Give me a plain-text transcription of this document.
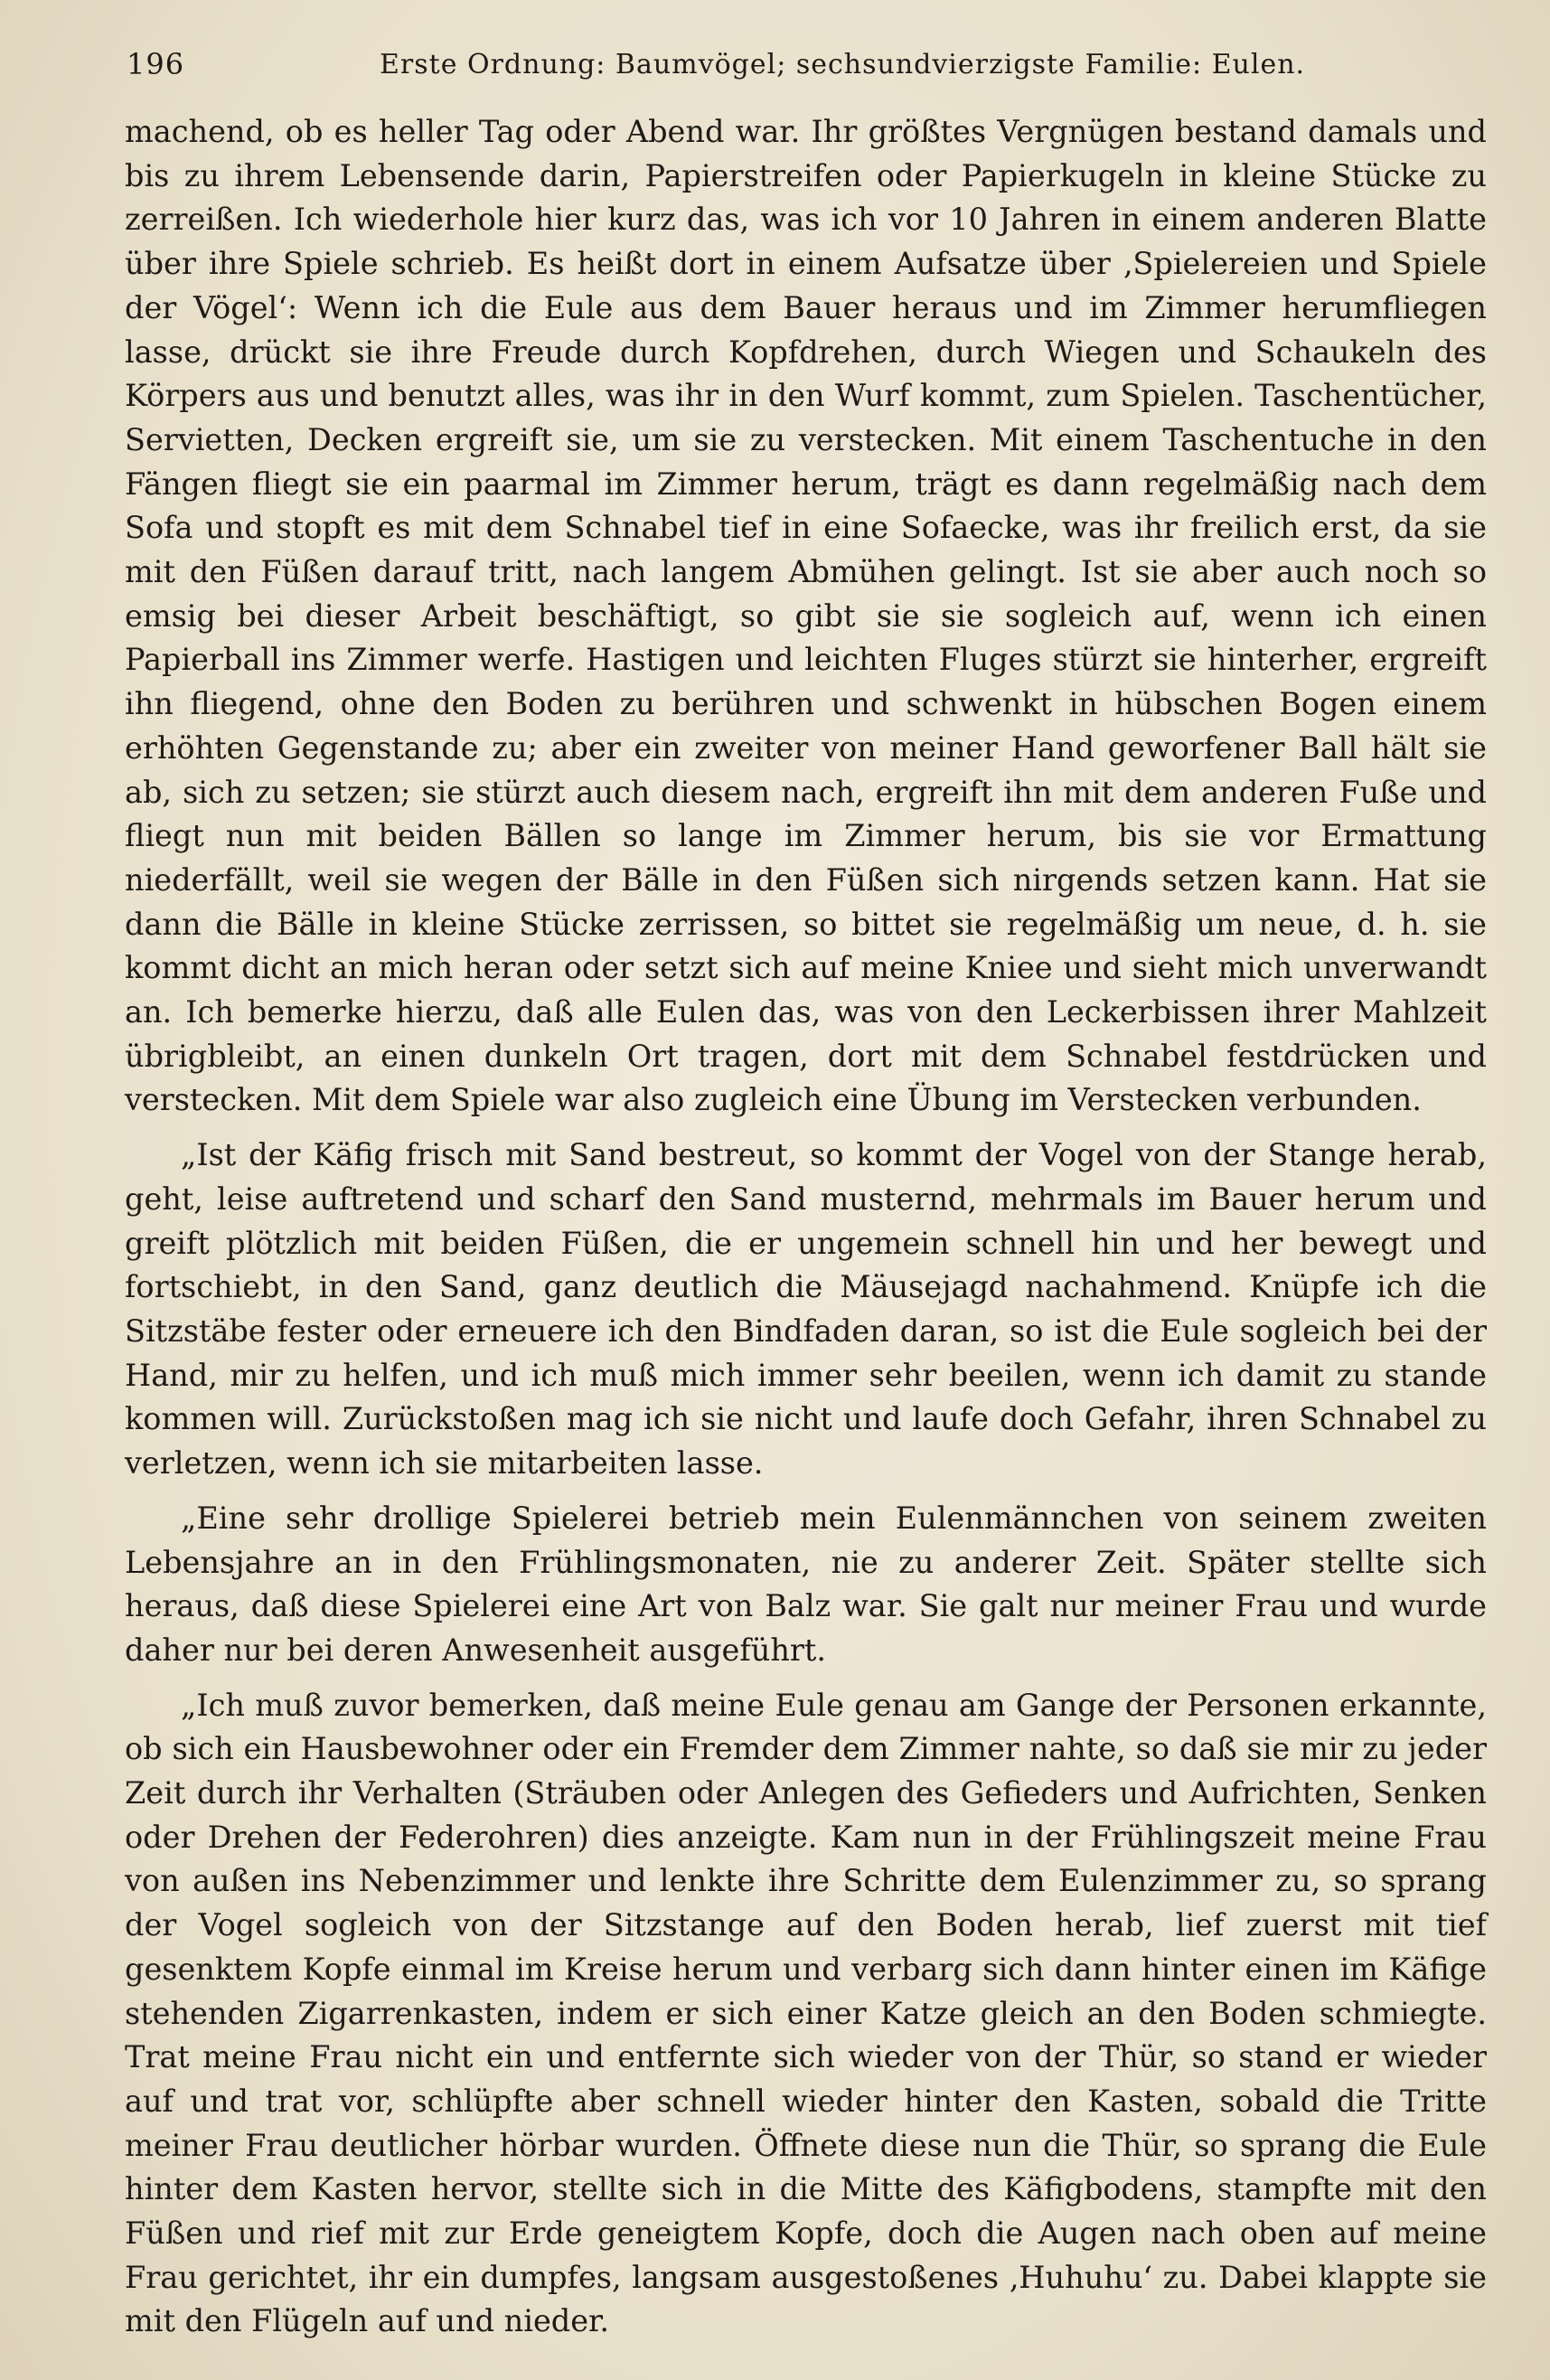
196	Erste Ordnung: Baumvögel; sechsundvierzigste Familie: Eulen.

machend, ob es heller Tag oder Abend war. Ihr größtes Vergnügen bestand damals und bis zu ihrem Lebensende darin, Papierstreifen oder Papierkugeln in kleine Stücke zu zerreißen. Ich wiederhole hier kurz das, was ich vor 10 Jahren in einem anderen Blatte über ihre Spiele schrieb. Es heißt dort in einem Aufsatze über ‚Spielereien und Spiele der Vögel‘: Wenn ich die Eule aus dem Bauer heraus und im Zimmer herumfliegen lasse, drückt sie ihre Freude durch Kopfdrehen, durch Wiegen und Schaukeln des Körpers aus und benutzt alles, was ihr in den Wurf kommt, zum Spielen. Taschentücher, Servietten, Decken ergreift sie, um sie zu verstecken. Mit einem Taschentuche in den Fängen fliegt sie ein paarmal im Zimmer herum, trägt es dann regelmäßig nach dem Sofa und stopft es mit dem Schnabel tief in eine Sofaecke, was ihr freilich erst, da sie mit den Füßen darauf tritt, nach langem Abmühen gelingt. Ist sie aber auch noch so emsig bei dieser Arbeit beschäftigt, so gibt sie sie sogleich auf, wenn ich einen Papierball ins Zimmer werfe. Hastigen und leichten Fluges stürzt sie hinterher, ergreift ihn fliegend, ohne den Boden zu berühren und schwenkt in hübschen Bogen einem erhöhten Gegenstande zu; aber ein zweiter von meiner Hand geworfener Ball hält sie ab, sich zu setzen; sie stürzt auch diesem nach, ergreift ihn mit dem anderen Fuße und fliegt nun mit beiden Bällen so lange im Zimmer herum, bis sie vor Ermattung niederfällt, weil sie wegen der Bälle in den Füßen sich nirgends setzen kann. Hat sie dann die Bälle in kleine Stücke zerrissen, so bittet sie regelmäßig um neue, d. h. sie kommt dicht an mich heran oder setzt sich auf meine Kniee und sieht mich unverwandt an. Ich bemerke hierzu, daß alle Eulen das, was von den Leckerbissen ihrer Mahlzeit übrigbleibt, an einen dunkeln Ort tragen, dort mit dem Schnabel festdrücken und verstecken. Mit dem Spiele war also zugleich eine Übung im Verstecken verbunden.

„Ist der Käfig frisch mit Sand bestreut, so kommt der Vogel von der Stange herab, geht, leise auftretend und scharf den Sand musternd, mehrmals im Bauer herum und greift plötzlich mit beiden Füßen, die er ungemein schnell hin und her bewegt und fortschiebt, in den Sand, ganz deutlich die Mäusejagd nachahmend. Knüpfe ich die Sitzstäbe fester oder erneuere ich den Bindfaden daran, so ist die Eule sogleich bei der Hand, mir zu helfen, und ich muß mich immer sehr beeilen, wenn ich damit zu stande kommen will. Zurückstoßen mag ich sie nicht und laufe doch Gefahr, ihren Schnabel zu verletzen, wenn ich sie mitarbeiten lasse.

„Eine sehr drollige Spielerei betrieb mein Eulenmännchen von seinem zweiten Lebensjahre an in den Frühlingsmonaten, nie zu anderer Zeit. Später stellte sich heraus, daß diese Spielerei eine Art von Balz war. Sie galt nur meiner Frau und wurde daher nur bei deren Anwesenheit ausgeführt.

„Ich muß zuvor bemerken, daß meine Eule genau am Gange der Personen erkannte, ob sich ein Hausbewohner oder ein Fremder dem Zimmer nahte, so daß sie mir zu jeder Zeit durch ihr Verhalten (Sträuben oder Anlegen des Gefieders und Aufrichten, Senken oder Drehen der Federohren) dies anzeigte. Kam nun in der Frühlingszeit meine Frau von außen ins Nebenzimmer und lenkte ihre Schritte dem Eulenzimmer zu, so sprang der Vogel sogleich von der Sitzstange auf den Boden herab, lief zuerst mit tief gesenktem Kopfe einmal im Kreise herum und verbarg sich dann hinter einen im Käfige stehenden Zigarrenkasten, indem er sich einer Katze gleich an den Boden schmiegte. Trat meine Frau nicht ein und entfernte sich wieder von der Thür, so stand er wieder auf und trat vor, schlüpfte aber schnell wieder hinter den Kasten, sobald die Tritte meiner Frau deutlicher hörbar wurden. Öffnete diese nun die Thür, so sprang die Eule hinter dem Kasten hervor, stellte sich in die Mitte des Käfigbodens, stampfte mit den Füßen und rief mit zur Erde geneigtem Kopfe, doch die Augen nach oben auf meine Frau gerichtet, ihr ein dumpfes, langsam ausgestoßenes ‚Huhuhu‘ zu. Dabei klappte sie mit den Flügeln auf und nieder.
